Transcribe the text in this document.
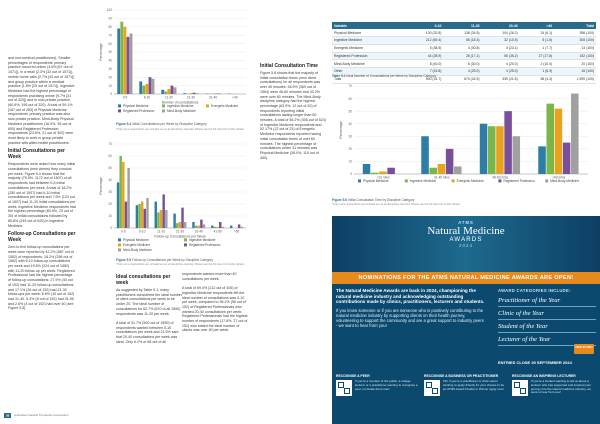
and non-medical practitioners). Smaller percentages of respondents' primary practice occurred online (4.6% [67 out of 1571]), in a retail (2.3% [32 out of 1571]), mobile home calls (2.7% [43 out of 1571]) and group practice within a medical practice (1.8% [29 out of 1571]). Ingestive Medicine had the highest percentage of respondents practising online (9.7% [31 out of 320]) and in solo private practice (60.6%, 195 out of 320). A total of 59.1% [167 out of 283] of Physical Medicine respondents' primary practice was also solo private practice. Mind-Body Physical Medicine practitioners (16.0%, 95 out of 600) and Registered Profession respondents (23.6%, 21 out of 302) were most likely to work in group private practice with allied health practitioners.

Initial Consultations per Week

Respondents were asked how many initial consultations (new clients) they conduct per week. Figure 5.4 shows that the majority (75.9%, 1172 out of 1507) of all respondents had between 0-5 initial consultations per week. A total of 18.2% (250 out of 1507) had 6-10 initial consultations per week and 7.6% (123 out of 1507) had 11-20 initial consultations per week. Ingestive Medicine respondents had the highest percentage (80.5%, 23 out of 30) of initial consultations followed by 85.8% (249 out of 620) in Ingestive Medicine.

Follow-up Consultations per Week

Zero to five follow-up consultations per week were reported by 42.2% (687 out of 1582) of respondents, 18.2% (298 out of 1582) with 6-10 follow-up consultations per week and 19.5% (324 out of 1582) with 11-20 follow-up per week. Registered Professional had the highest percentage of follow-up consultations: 27.9% (40 out of 152) had 11-20 follow-up consultations and 17.1% (26 out of 152) had 21-30 follow-ups per week. 6.6% (10 out of 152) had 31-40. 5.3% (8 out of 152) had 41-50 and 2.6% (4 out of 152) had over 50 (see Figure 5.5).

0
10
20
30
40
50
60
70
80
90
100
Percentage
0-5	6-10	11-20	21-30	31-40	>40
Number of consultations
Physical Medicine	Ingestive Medicine	Energetic Medicine
Registered Profession	Mind-Body Medicine
Figure 5.4 Initial Consultations per Week by Discipline Category
*Only some respondents are included as not all disciplines reported. Please see the full report for further details.
0
10
20
30
40
50
60
70
Percentage
0-5	6-10	11-20	21-30	31-40	41-50	>50
Follow-up Consultations per Week
Physical Medicine	Ingestive Medicine
Energetic Medicine	Registered Profession
Mind-Body Medicine
Figure 5.5 Follow-up Consultations per Week by Discipline Category
*Only some respondents are included as not all disciplines reported. Please see the full report for further details.
Ideal consultations per week

As suggested by Table 5.1, many practitioners considered the ideal number of client consultations per week to be under 20. The ideal number of consultations for 62.7% (670 of all 1590) respondents was 11-20 per week.

A total of 31.7% (500 out of 1590) of respondents wanted between 0-10 consultations per week and 21.5% said that 20-40 consultations per week was ideal. Only 6.2% or 68 out of all

respondents wanted more than 40 consultations per week.

A total of 69.4% (212 out of 305) of Ingestive Medicine respondents felt the ideal number of consultations was 0-10 per week, compared to 36.2% (55 out of 152) of Registered Professionals who wanted 20-40 consultations per week. Registered Professionals had the highest number of respondents (17.8%, 27 out of 152) who stated the ideal number of clients was over 40 per week.

Initial Consultation Time

Figure 5.6 shows that the majority of initial consultation times (new client consultations) for all respondents was over 45 minutes: 46.9% (369 out of 1564) were 46-60 minutes and 43.2% were over 60 minutes. The Mind-Body discipline category had the highest percentage (63.9%, 12 out of 20) of respondents reporting initial consultations lasting longer than 60 minutes. A total of 56.2% (306 out of 524) of Ingestive Medicine respondents and 52.17% (12 out of 23) of Energetic Medicine respondents reported having initial consultation times of over 60 minutes. The highest percentage of consultations under 31 minutes was Physical Medicine (38.0%, 119 out of 450).

Variable	0-10	11-20	20-40	>40	Total
Physical Medicine	130 (32.8)	138 (34.8)	104 (26.2)	24 (6.1)	396 (100)
Ingestive Medicine	212 (69.4)	56 (18.3)	32 (10.5)	5 (1.6)	305 (100)
Energetic Medicine	5 (38.5)	4 (30.8)	3 (23.1)	1 (7.7)	13 (100)
Registered Profession	44 (28.9)	26 (17.1)	55 (36.2)	27 (17.8)	152 (100)
Mind-Body Medicine	8 (40.0)	6 (30.0)	4 (20.0)	2 (10.0)	20 (100)
Other	7 (43.8)	4 (25.0)	4 (25.0)	1 (6.3)	16 (100)
Total	500 (31.7)	670 (42.5)	339 (21.5)	68 (4.3)	1,590 (100)
Table 5.1 Ideal Number of Consultations per Week by Discipline Category
0
10
20
30
40
50
60
70
Percentage
<31 mins	31-45 mins	46-60 mins	>60 mins
Physical Medicine	Ingestive Medicine	Energetic Medicine	Registered Profession	Mind-Body Medicine
Figure 5.6 Initial Consultation Time by Discipline Category
*Only some respondents are included as not all disciplines reported. Please see the full report for further details.
ATMS
Natural Medicine
AWARDS
2024
NOMINATIONS FOR THE ATMS NATURAL MEDICINE AWARDS ARE OPEN!
The Natural Medicine Awards are back in 2024, championing the natural medicine industry and acknowledging outstanding contributions made by clinics, practitioners, lecturers and students.
If you know someone or if you are someone who is positively contributing to the natural medicine industry by supporting clients on their health journey, volunteering to support the community and are a great support to industry peers - we want to hear from you!
AWARD CATEGORIES INCLUDE:
Practitioner of the Year
Clinic of the Year
Student of the Year
Lecturer of the Year
NEW IN 2024
ENTRIES CLOSE 30 SEPTEMBER 2024
RECOGNISE A PEER
If you're a member of the public, a college lecturer or a practitioner wanting to recognise a peer, nominate them now!
RECOGNISE A BUSINESS OR PRACTITIONER
OR, if you're a practitioner or clinic owner wanting to apply directly for your chance to be an ATMS Award Finalist or Winner apply now!
RECOGNISE AN INSPIRING LECTURER
If you're a student wanting to tell us about a lecturer who has supported and inspired your journey into the natural medicine industry, we want to hear from you!
36 Australian Natural Therapists Association
